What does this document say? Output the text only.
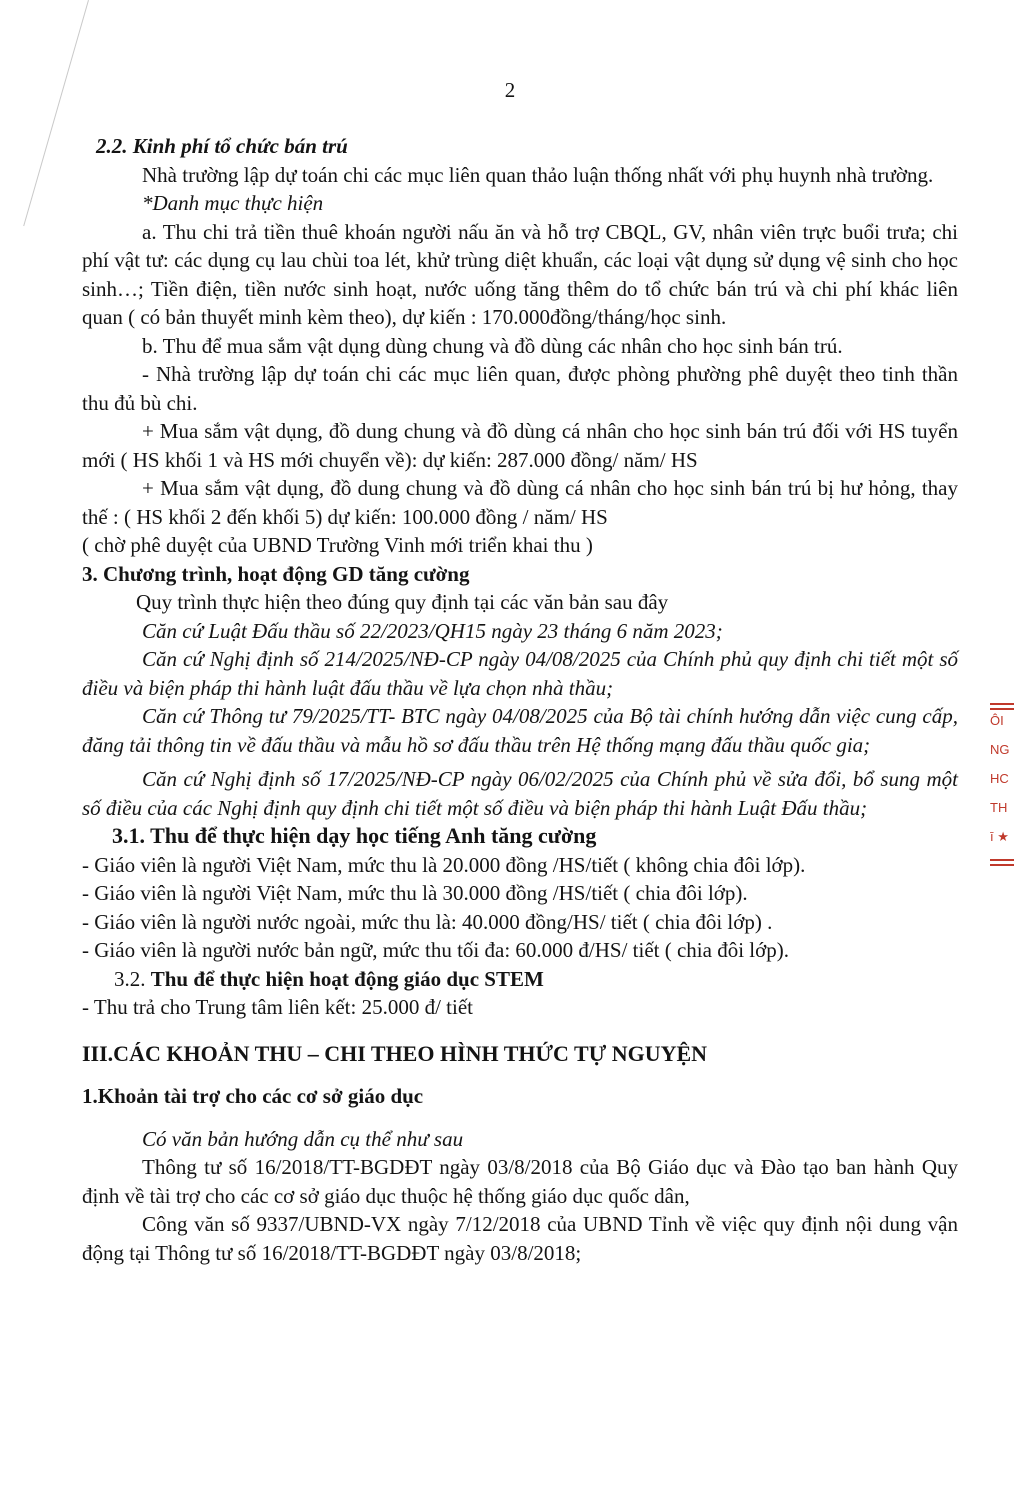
2

2.2. Kinh phí tổ chức bán trú

Nhà trường lập dự toán chi các mục liên quan thảo luận thống nhất với phụ huynh nhà trường.

*Danh mục thực hiện

a. Thu chi trả tiền thuê khoán người nấu ăn và hỗ trợ CBQL, GV, nhân viên trực buổi trưa; chi phí vật tư: các dụng cụ lau chùi toa lét, khử trùng diệt khuẩn, các loại vật dụng sử dụng vệ sinh cho học sinh…; Tiền điện, tiền nước sinh hoạt, nước uống tăng thêm do tổ chức bán trú và chi phí khác liên quan ( có bản thuyết minh kèm theo), dự kiến : 170.000đồng/tháng/học sinh.

b. Thu để mua sắm vật dụng dùng chung và đồ dùng các nhân cho học sinh bán trú.

- Nhà trường lập dự toán chi các mục liên quan, được phòng phường phê duyệt theo tinh thần thu đủ bù chi.

+ Mua sắm vật dụng, đồ dung chung và đồ dùng cá nhân cho học sinh bán trú đối với HS tuyển mới ( HS khối 1 và HS mới chuyển về): dự kiến: 287.000 đồng/ năm/ HS

+ Mua sắm vật dụng, đồ dung chung và đồ dùng cá nhân cho học sinh bán trú bị hư hỏng, thay thế : ( HS khối 2 đến khối 5) dự kiến: 100.000 đồng / năm/ HS

( chờ phê duyệt của UBND Trường Vinh mới triển khai thu )

3. Chương trình, hoạt động GD tăng cường

Quy trình thực hiện theo đúng quy định tại các văn bản sau đây

Căn cứ Luật Đấu thầu số 22/2023/QH15 ngày 23 tháng 6 năm 2023;

Căn cứ Nghị định số 214/2025/NĐ-CP ngày 04/08/2025 của Chính phủ quy định chi tiết một số điều và biện pháp thi hành luật đấu thầu về lựa chọn nhà thầu;

Căn cứ Thông tư 79/2025/TT- BTC ngày 04/08/2025 của Bộ tài chính hướng dẫn việc cung cấp, đăng tải thông tin về đấu thầu và mẫu hồ sơ đấu thầu trên Hệ thống mạng đấu thầu quốc gia;

Căn cứ Nghị định số 17/2025/NĐ-CP ngày 06/02/2025 của Chính phủ về sửa đổi, bổ sung một số điều của các Nghị định quy định chi tiết một số điều và biện pháp thi hành Luật Đấu thầu;

3.1. Thu để thực hiện dạy học tiếng Anh tăng cường

- Giáo viên là người Việt Nam, mức thu là 20.000 đồng /HS/tiết ( không chia đôi lớp).

- Giáo viên là người Việt Nam, mức thu là 30.000 đồng /HS/tiết ( chia đôi lớp).

- Giáo viên là người nước ngoài, mức thu là: 40.000 đồng/HS/ tiết ( chia đôi lớp) .

- Giáo viên là người nước bản ngữ, mức thu tối đa: 60.000 đ/HS/ tiết ( chia đôi lớp).

3.2. Thu để thực hiện hoạt động giáo dục STEM

- Thu trả cho Trung tâm liên kết: 25.000 đ/ tiết

III.CÁC KHOẢN THU – CHI THEO HÌNH THỨC TỰ NGUYỆN

1.Khoản tài trợ cho các cơ sở giáo dục

Có văn bản hướng dẫn cụ thể như sau

Thông tư số 16/2018/TT-BGDĐT ngày 03/8/2018 của Bộ Giáo dục và Đào tạo ban hành Quy định về tài trợ cho các cơ sở giáo dục thuộc hệ thống giáo dục quốc dân,

Công văn số 9337/UBND-VX ngày 7/12/2018 của UBND Tỉnh về việc quy định nội dung vận động tại Thông tư số 16/2018/TT-BGDĐT ngày 03/8/2018;

ÔI
NG
HC
TH
ī ★
